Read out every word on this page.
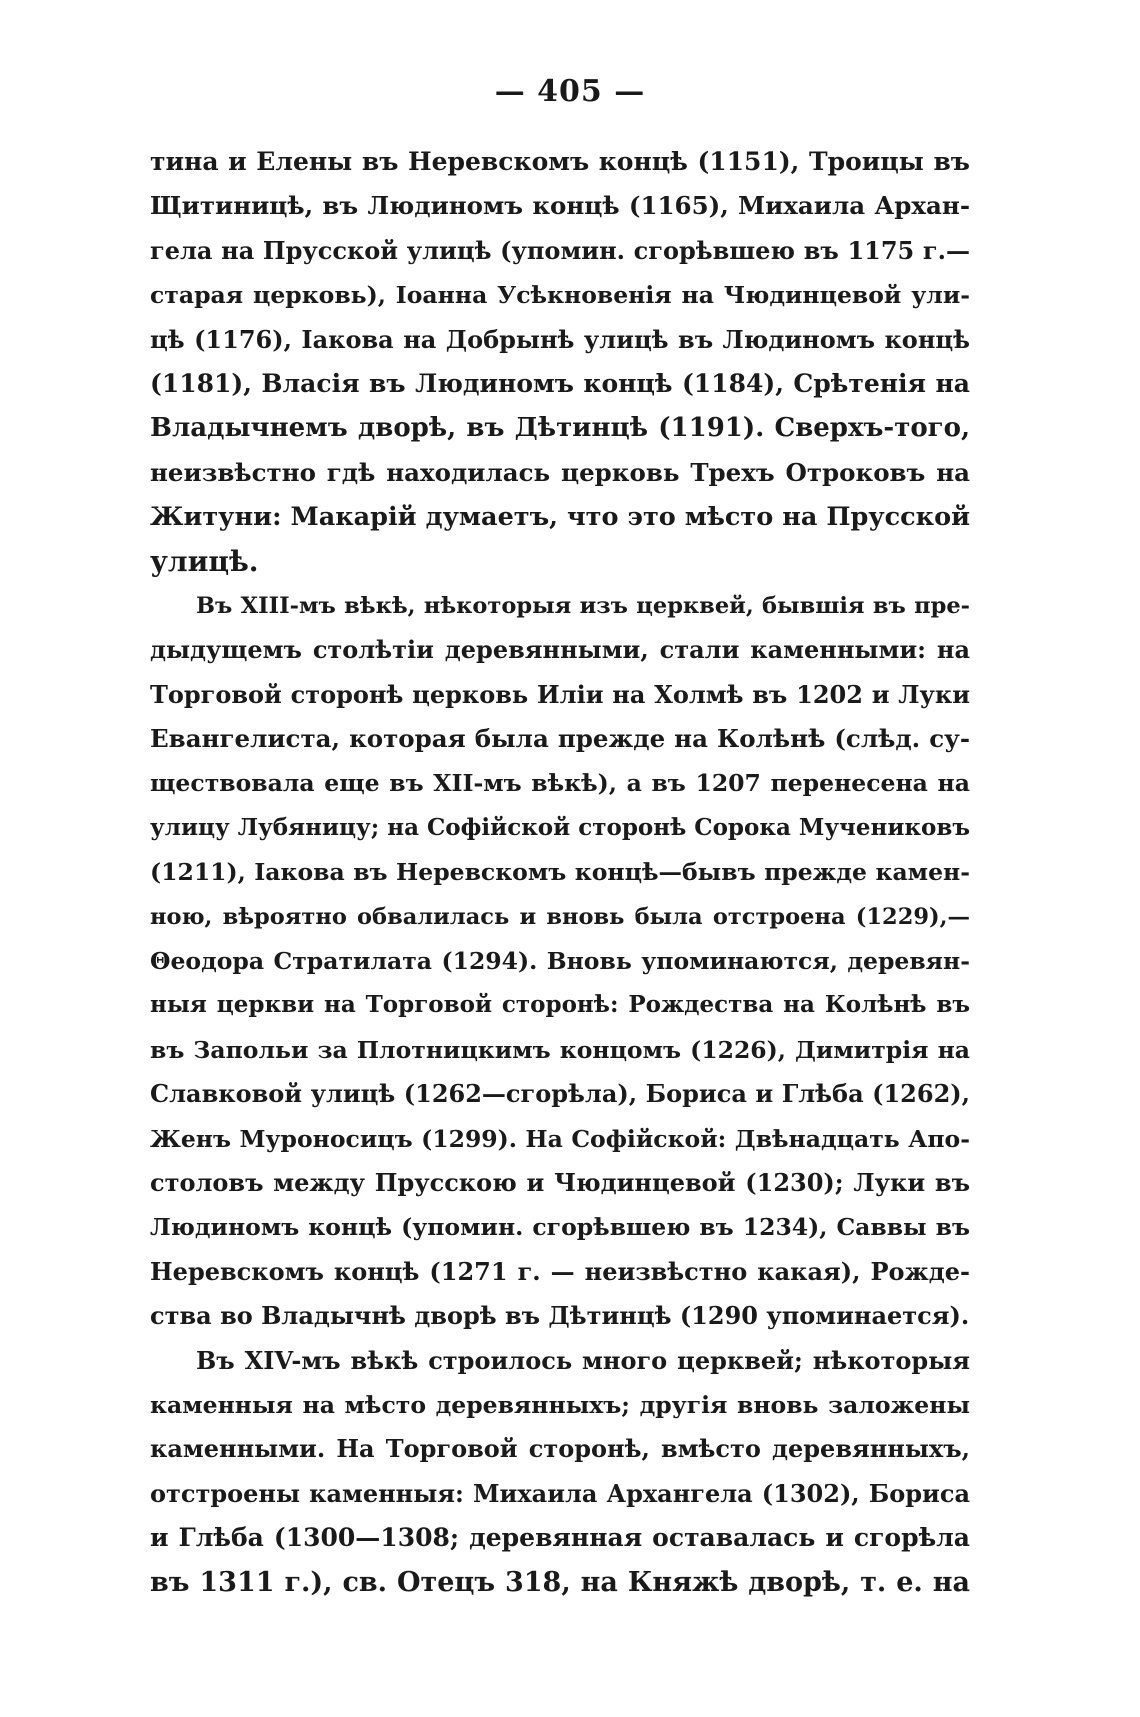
— 405 —
тина и Елены въ Неревскомъ концѣ (1151), Троицы въ
Щитиницѣ, въ Людиномъ концѣ (1165), Михаила Архан-
гела на Прусской улицѣ (упомин. сгорѣвшею въ 1175 г.—
старая церковь), Іоанна Усѣкновенія на Чюдинцевой ули-
цѣ (1176), Іакова на Добрынѣ улицѣ въ Людиномъ концѣ
(1181), Власія въ Людиномъ концѣ (1184), Срѣтенія на
Владычнемъ дворѣ, въ Дѣтинцѣ (1191). Сверхъ-того,
неизвѣстно гдѣ находилась церковь Трехъ Отроковъ на
Житуни: Макарій думаетъ, что это мѣсто на Прусской
улицѣ.
Въ XIII-мъ вѣкѣ, нѣкоторыя изъ церквей, бывшія въ пре-
дыдущемъ столѣтіи деревянными, стали каменными: на
Торговой сторонѣ церковь Иліи на Холмѣ въ 1202 и Луки
Евангелиста, которая была прежде на Колѣнѣ (слѣд. су-
ществовала еще въ XII-мъ вѣкѣ), а въ 1207 перенесена на
улицу Лубяницу; на Софійской сторонѣ Сорока Мучениковъ
(1211), Іакова въ Неревскомъ концѣ—бывъ прежде камен-
ною, вѣроятно обвалилась и вновь была отстроена (1229),—
Θеодора Стратилата (1294). Вновь упоминаются, деревян-
ныя церкви на Торговой сторонѣ: Рождества на Колѣнѣ въ
въ Запольи за Плотницкимъ концомъ (1226), Димитрія на
Славковой улицѣ (1262—сгорѣла), Бориса и Глѣба (1262),
Женъ Муроносицъ (1299). На Софійской: Двѣнадцать Апо-
столовъ между Прусскою и Чюдинцевой (1230); Луки въ
Людиномъ концѣ (упомин. сгорѣвшею въ 1234), Саввы въ
Неревскомъ концѣ (1271 г. — неизвѣстно какая), Рожде-
ства во Владычнѣ дворѣ въ Дѣтинцѣ (1290 упоминается).
Въ XIV-мъ вѣкѣ строилось много церквей; нѣкоторыя
каменныя на мѣсто деревянныхъ; другія вновь заложены
каменными. На Торговой сторонѣ, вмѣсто деревянныхъ,
отстроены каменныя: Михаила Архангела (1302), Бориса
и Глѣба (1300—1308; деревянная оставалась и сгорѣла
въ 1311 г.), св. Отецъ 318, на Княжѣ дворѣ, т. е. на
